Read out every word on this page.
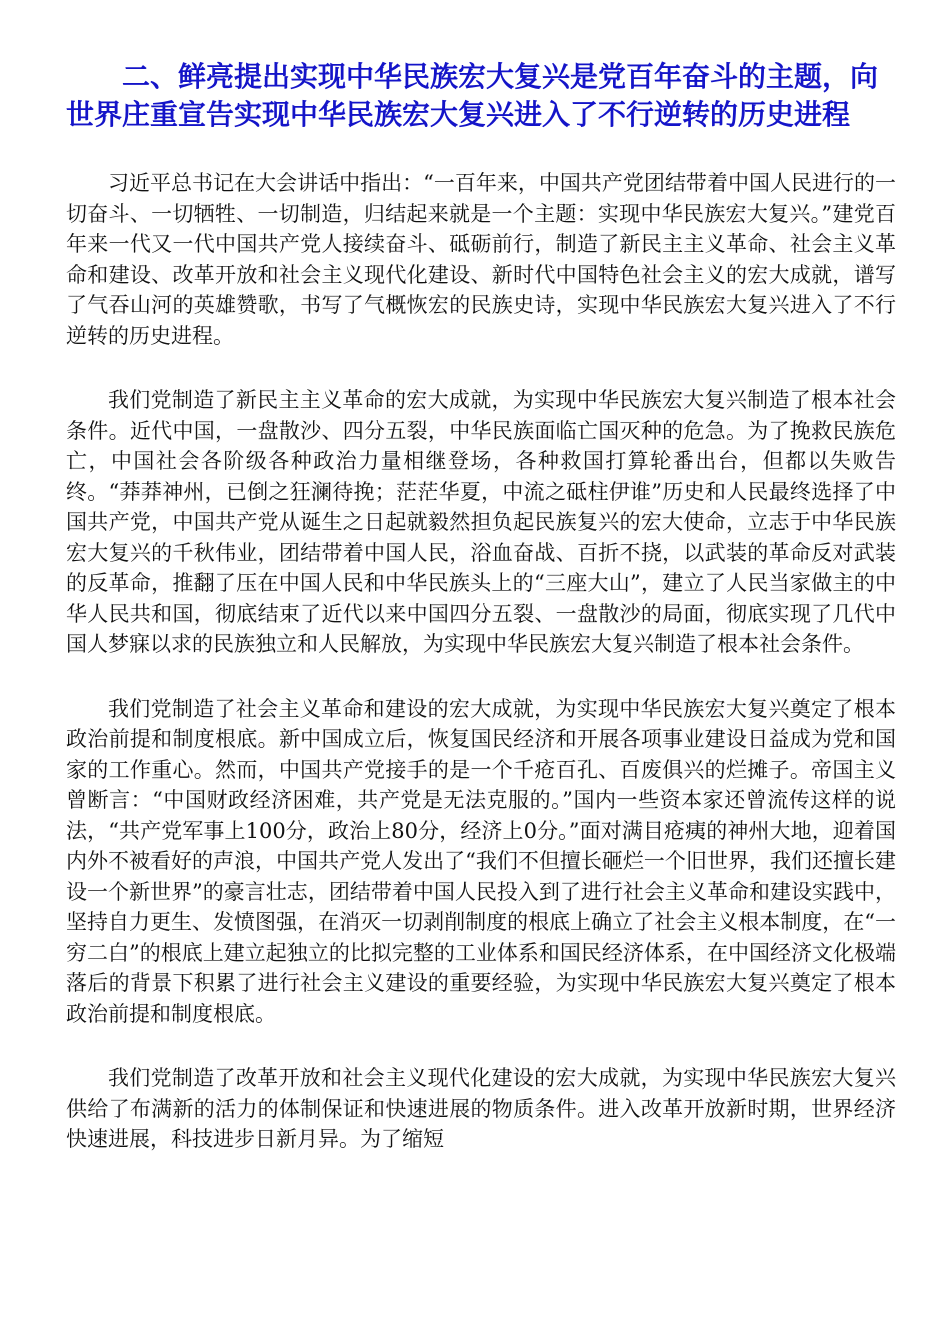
二、鲜亮提出实现中华民族宏大复兴是党百年奋斗的主题，向世界庄重宣告实现中华民族宏大复兴进入了不行逆转的历史进程

习近平总书记在大会讲话中指出：“一百年来，中国共产党团结带着中国人民进行的一切奋斗、一切牺牲、一切制造，归结起来就是一个主题：实现中华民族宏大复兴。”建党百年来一代又一代中国共产党人接续奋斗、砥砺前行，制造了新民主主义革命、社会主义革命和建设、改革开放和社会主义现代化建设、新时代中国特色社会主义的宏大成就，谱写了气吞山河的英雄赞歌，书写了气概恢宏的民族史诗，实现中华民族宏大复兴进入了不行逆转的历史进程。

我们党制造了新民主主义革命的宏大成就，为实现中华民族宏大复兴制造了根本社会条件。近代中国，一盘散沙、四分五裂，中华民族面临亡国灭种的危急。为了挽救民族危亡，中国社会各阶级各种政治力量相继登场，各种救国打算轮番出台，但都以失败告终。“莽莽神州，已倒之狂澜待挽；茫茫华夏，中流之砥柱伊谁”历史和人民最终选择了中国共产党，中国共产党从诞生之日起就毅然担负起民族复兴的宏大使命，立志于中华民族宏大复兴的千秋伟业，团结带着中国人民，浴血奋战、百折不挠，以武装的革命反对武装的反革命，推翻了压在中国人民和中华民族头上的“三座大山”，建立了人民当家做主的中华人民共和国，彻底结束了近代以来中国四分五裂、一盘散沙的局面，彻底实现了几代中国人梦寐以求的民族独立和人民解放，为实现中华民族宏大复兴制造了根本社会条件。

我们党制造了社会主义革命和建设的宏大成就，为实现中华民族宏大复兴奠定了根本政治前提和制度根底。新中国成立后，恢复国民经济和开展各项事业建设日益成为党和国家的工作重心。然而，中国共产党接手的是一个千疮百孔、百废俱兴的烂摊子。帝国主义曾断言：“中国财政经济困难，共产党是无法克服的。”国内一些资本家还曾流传这样的说法，“共产党军事上100分，政治上80分，经济上0分。”面对满目疮痍的神州大地，迎着国内外不被看好的声浪，中国共产党人发出了“我们不但擅长砸烂一个旧世界，我们还擅长建设一个新世界”的豪言壮志，团结带着中国人民投入到了进行社会主义革命和建设实践中，坚持自力更生、发愤图强，在消灭一切剥削制度的根底上确立了社会主义根本制度，在“一穷二白”的根底上建立起独立的比拟完整的工业体系和国民经济体系，在中国经济文化极端落后的背景下积累了进行社会主义建设的重要经验，为实现中华民族宏大复兴奠定了根本政治前提和制度根底。

我们党制造了改革开放和社会主义现代化建设的宏大成就，为实现中华民族宏大复兴供给了布满新的活力的体制保证和快速进展的物质条件。进入改革开放新时期，世界经济快速进展，科技进步日新月异。为了缩短
